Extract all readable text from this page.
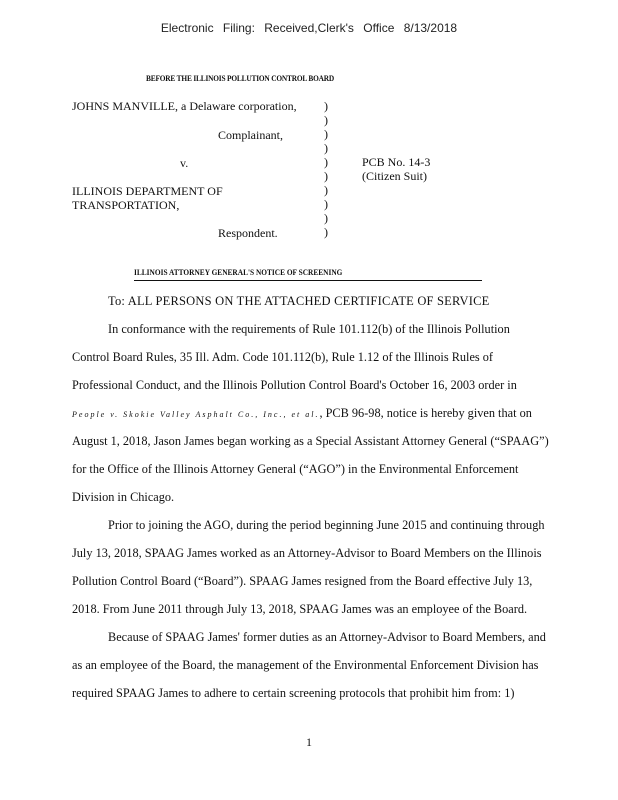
Electronic Filing: Received,Clerk's Office 8/13/2018
BEFORE THE ILLINOIS POLLUTION CONTROL BOARD
JOHNS MANVILLE, a Delaware corporation,
Complainant,
v.
ILLINOIS DEPARTMENT OF
TRANSPORTATION,
Respondent.
PCB No. 14-3
(Citizen Suit)
)
)
)
)
)
)
)
)
)
)
ILLINOIS ATTORNEY GENERAL'S NOTICE OF SCREENING
To: ALL PERSONS ON THE ATTACHED CERTIFICATE OF SERVICE
In conformance with the requirements of Rule 101.112(b) of the Illinois Pollution
Control Board Rules, 35 Ill. Adm. Code 101.112(b), Rule 1.12 of the Illinois Rules of
Professional Conduct, and the Illinois Pollution Control Board's October 16, 2003 order in
People v. Skokie Valley Asphalt Co., Inc., et al., PCB 96-98, notice is hereby given that on
August 1, 2018, Jason James began working as a Special Assistant Attorney General (“SPAAG”)
for the Office of the Illinois Attorney General (“AGO”) in the Environmental Enforcement
Division in Chicago.
Prior to joining the AGO, during the period beginning June 2015 and continuing through
July 13, 2018, SPAAG James worked as an Attorney-Advisor to Board Members on the Illinois
Pollution Control Board (“Board”). SPAAG James resigned from the Board effective July 13,
2018. From June 2011 through July 13, 2018, SPAAG James was an employee of the Board.
Because of SPAAG James' former duties as an Attorney-Advisor to Board Members, and
as an employee of the Board, the management of the Environmental Enforcement Division has
required SPAAG James to adhere to certain screening protocols that prohibit him from: 1)
1
